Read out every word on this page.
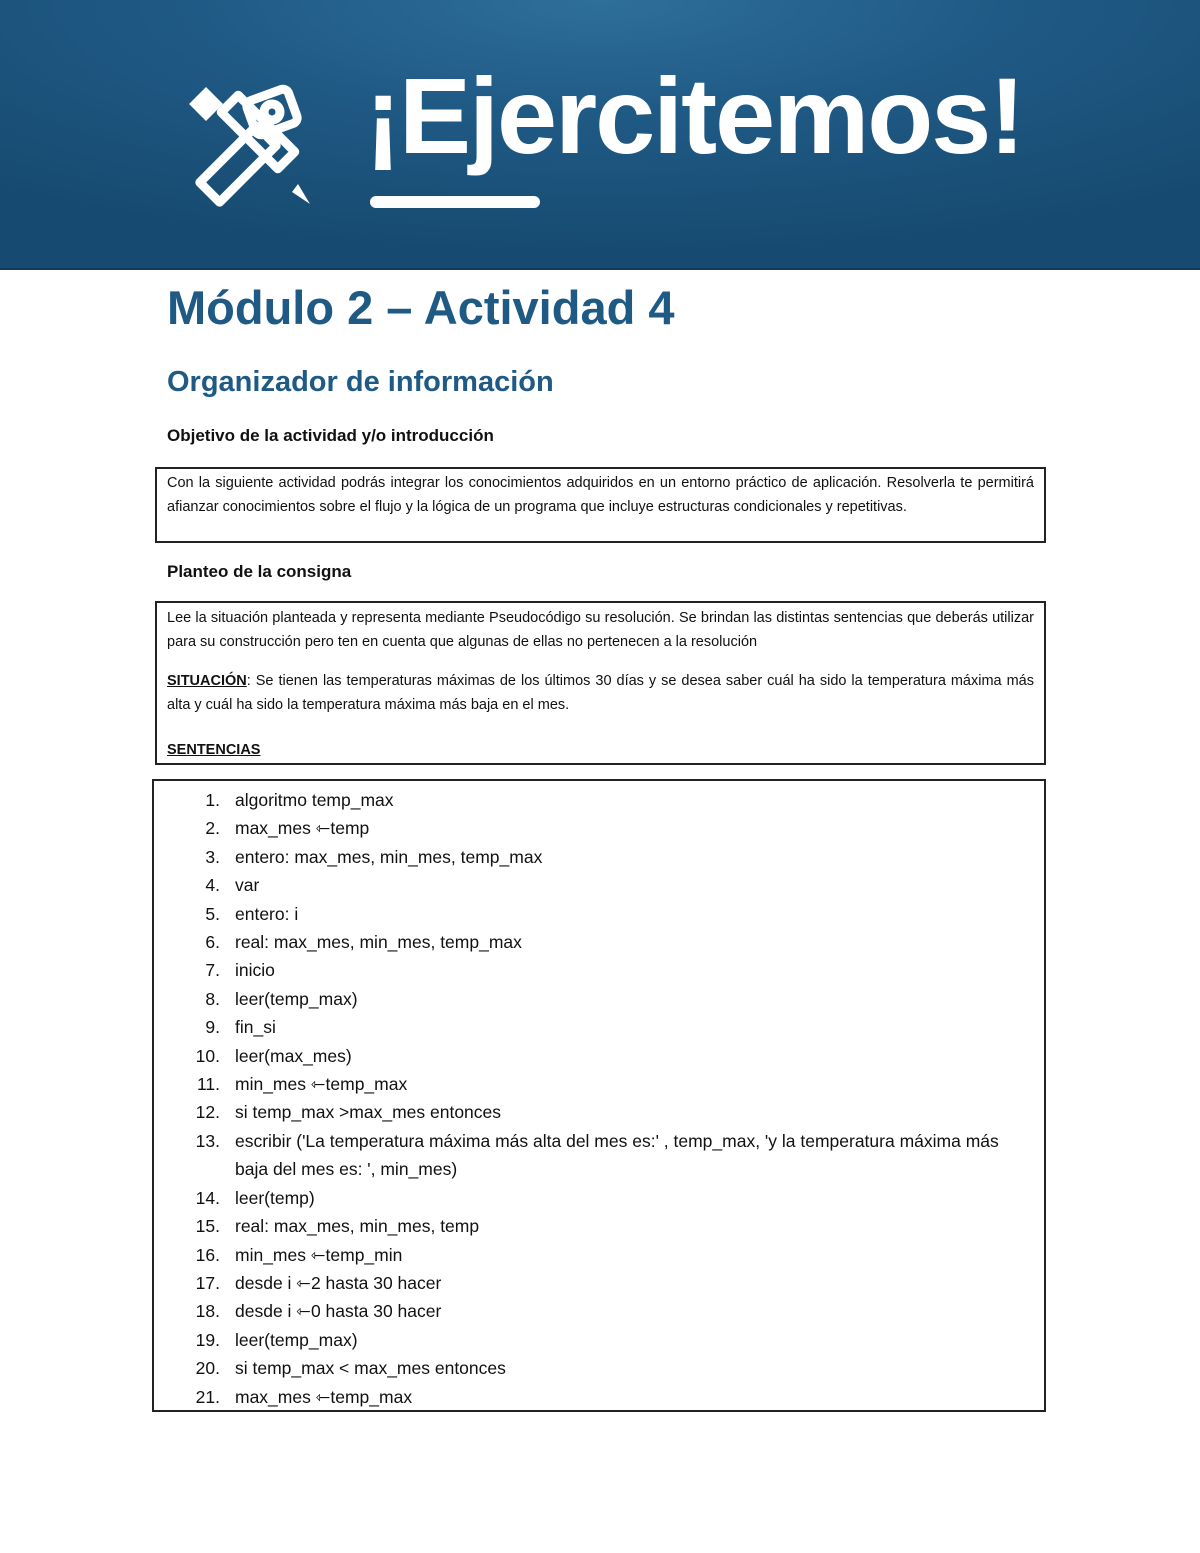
¡Ejercitemos!
Módulo 2 – Actividad 4
Organizador de información
Objetivo de la actividad y/o introducción

Con la siguiente actividad podrás integrar los conocimientos adquiridos en un entorno práctico de aplicación. Resolverla te permitirá afianzar conocimientos sobre el flujo y la lógica de un programa que incluye estructuras condicionales y repetitivas.

Planteo de la consigna

Lee la situación planteada y representa mediante Pseudocódigo su resolución. Se brindan las distintas sentencias que deberás utilizar para su construcción pero ten en cuenta que algunas de ellas no pertenecen a la resolución

SITUACIÓN: Se tienen las temperaturas máximas de los últimos 30 días y se desea saber cuál ha sido la temperatura máxima más alta y cuál ha sido la temperatura máxima más baja en el mes.

SENTENCIAS

1. algoritmo temp_max
2. max_mes ⇽temp
3. entero: max_mes, min_mes, temp_max
4. var
5. entero: i
6. real: max_mes, min_mes, temp_max
7. inicio
8. leer(temp_max)
9. fin_si
10. leer(max_mes)
11. min_mes ⇽temp_max
12. si temp_max >max_mes entonces
13. escribir ('La temperatura máxima más alta del mes es:' , temp_max, 'y la temperatura máxima más baja del mes es: ', min_mes)
14. leer(temp)
15. real: max_mes, min_mes, temp
16. min_mes ⇽temp_min
17. desde i ⇽2 hasta 30 hacer
18. desde i ⇽0 hasta 30 hacer
19. leer(temp_max)
20. si temp_max < max_mes entonces
21. max_mes ⇽temp_max
